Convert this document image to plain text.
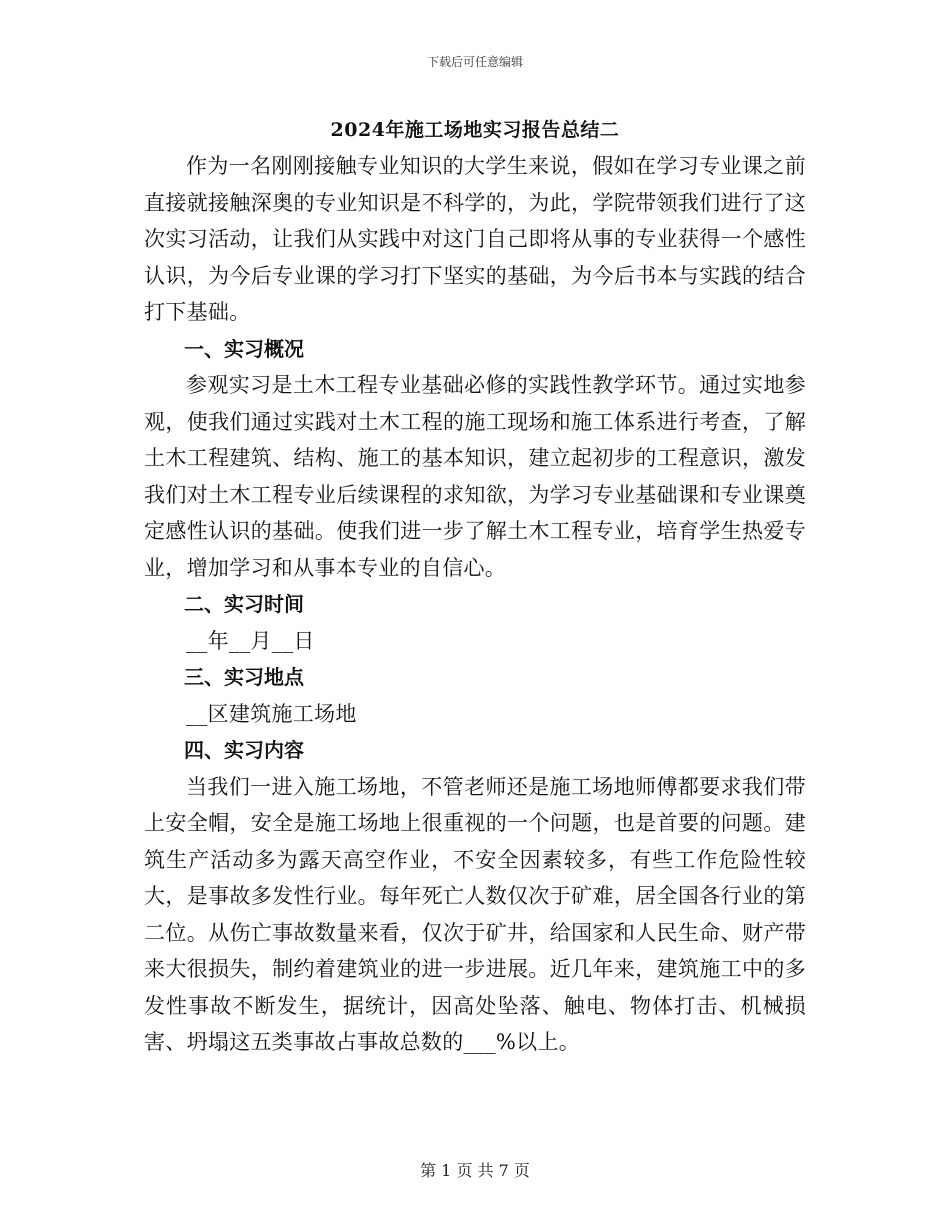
下载后可任意编辑
2024年施工场地实习报告总结二

作为一名刚刚接触专业知识的大学生来说，假如在学习专业课之前直接就接触深奥的专业知识是不科学的，为此，学院带领我们进行了这次实习活动，让我们从实践中对这门自己即将从事的专业获得一个感性认识，为今后专业课的学习打下坚实的基础，为今后书本与实践的结合打下基础。

一、实习概况

参观实习是土木工程专业基础必修的实践性教学环节。通过实地参观，使我们通过实践对土木工程的施工现场和施工体系进行考查，了解土木工程建筑、结构、施工的基本知识，建立起初步的工程意识，激发我们对土木工程专业后续课程的求知欲，为学习专业基础课和专业课奠定感性认识的基础。使我们进一步了解土木工程专业，培育学生热爱专业，增加学习和从事本专业的自信心。

二、实习时间

__年__月__日

三、实习地点

__区建筑施工场地

四、实习内容

当我们一进入施工场地，不管老师还是施工场地师傅都要求我们带上安全帽，安全是施工场地上很重视的一个问题，也是首要的问题。建筑生产活动多为露天高空作业，不安全因素较多，有些工作危险性较大，是事故多发性行业。每年死亡人数仅次于矿难，居全国各行业的第二位。从伤亡事故数量来看，仅次于矿井，给国家和人民生命、财产带来大很损失，制约着建筑业的进一步进展。近几年来，建筑施工中的多发性事故不断发生，据统计，因高处坠落、触电、物体打击、机械损害、坍塌这五类事故占事故总数的___%以上。

第 1 页 共 7 页
